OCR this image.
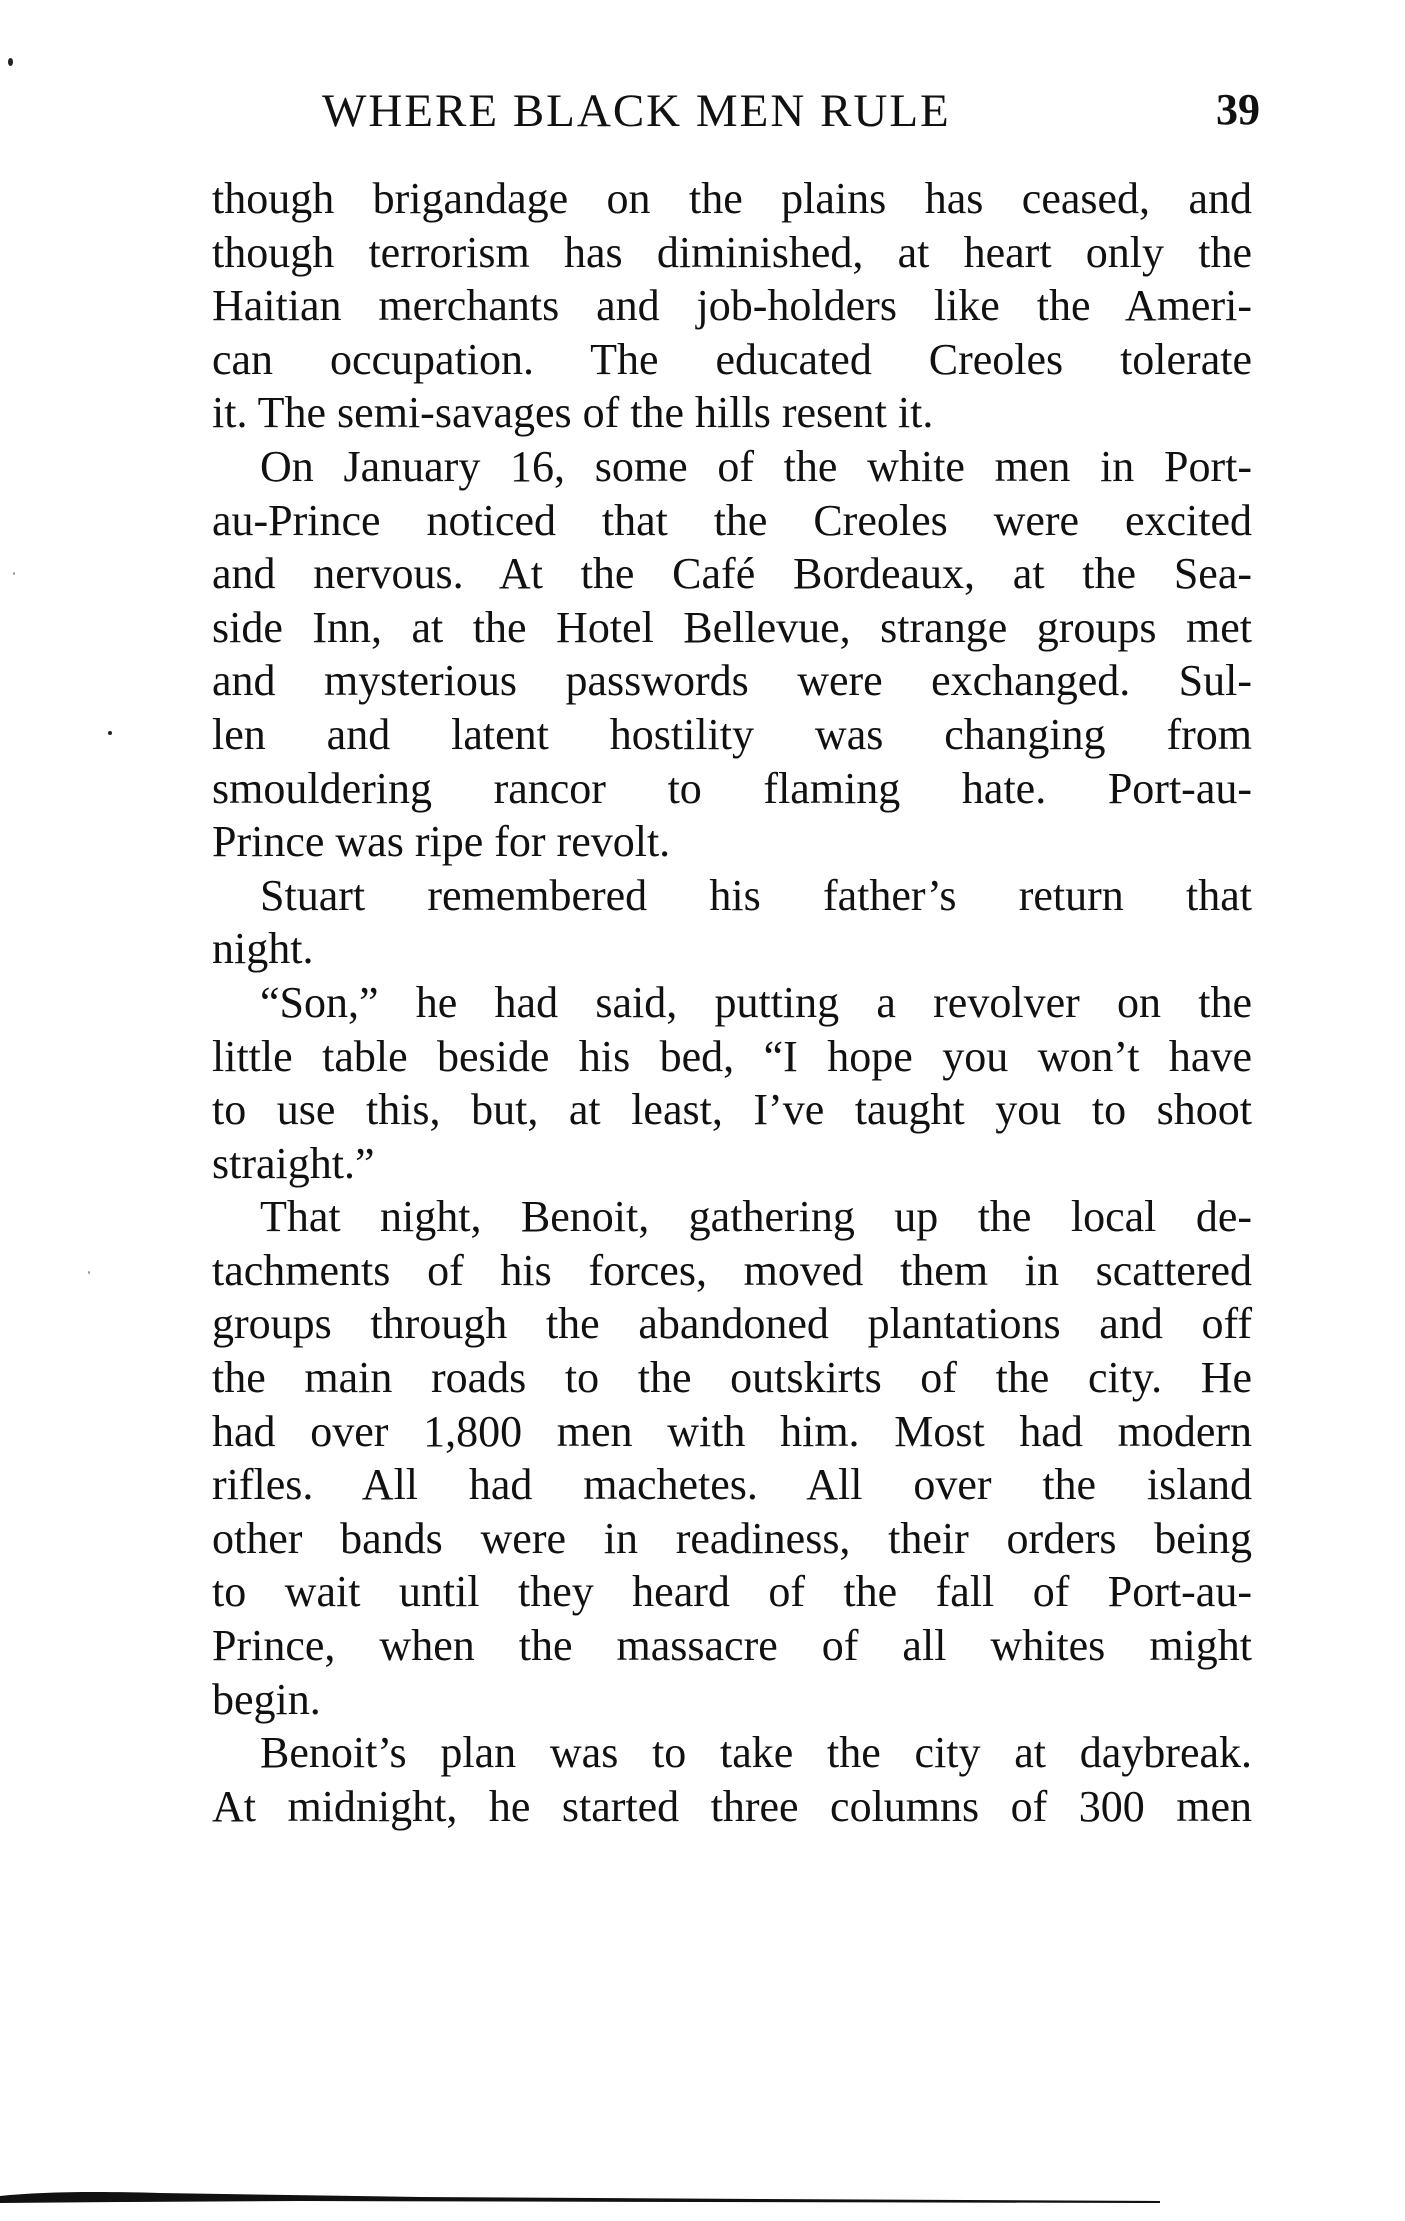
WHERE BLACK MEN RULE	39
though brigandage on the plains has ceased, and
though terrorism has diminished, at heart only the
Haitian merchants and job-holders like the Ameri-
can occupation. The educated Creoles tolerate
it. The semi-savages of the hills resent it.
On January 16, some of the white men in Port-
au-Prince noticed that the Creoles were excited
and nervous. At the Café Bordeaux, at the Sea-
side Inn, at the Hotel Bellevue, strange groups met
and mysterious passwords were exchanged. Sul-
len and latent hostility was changing from
smouldering rancor to flaming hate. Port-au-
Prince was ripe for revolt.
Stuart remembered his father’s return that
night.
“Son,” he had said, putting a revolver on the
little table beside his bed, “I hope you won’t have
to use this, but, at least, I’ve taught you to shoot
straight.”
That night, Benoit, gathering up the local de-
tachments of his forces, moved them in scattered
groups through the abandoned plantations and off
the main roads to the outskirts of the city. He
had over 1,800 men with him. Most had modern
rifles. All had machetes. All over the island
other bands were in readiness, their orders being
to wait until they heard of the fall of Port-au-
Prince, when the massacre of all whites might
begin.
Benoit’s plan was to take the city at daybreak.
At midnight, he started three columns of 300 men
